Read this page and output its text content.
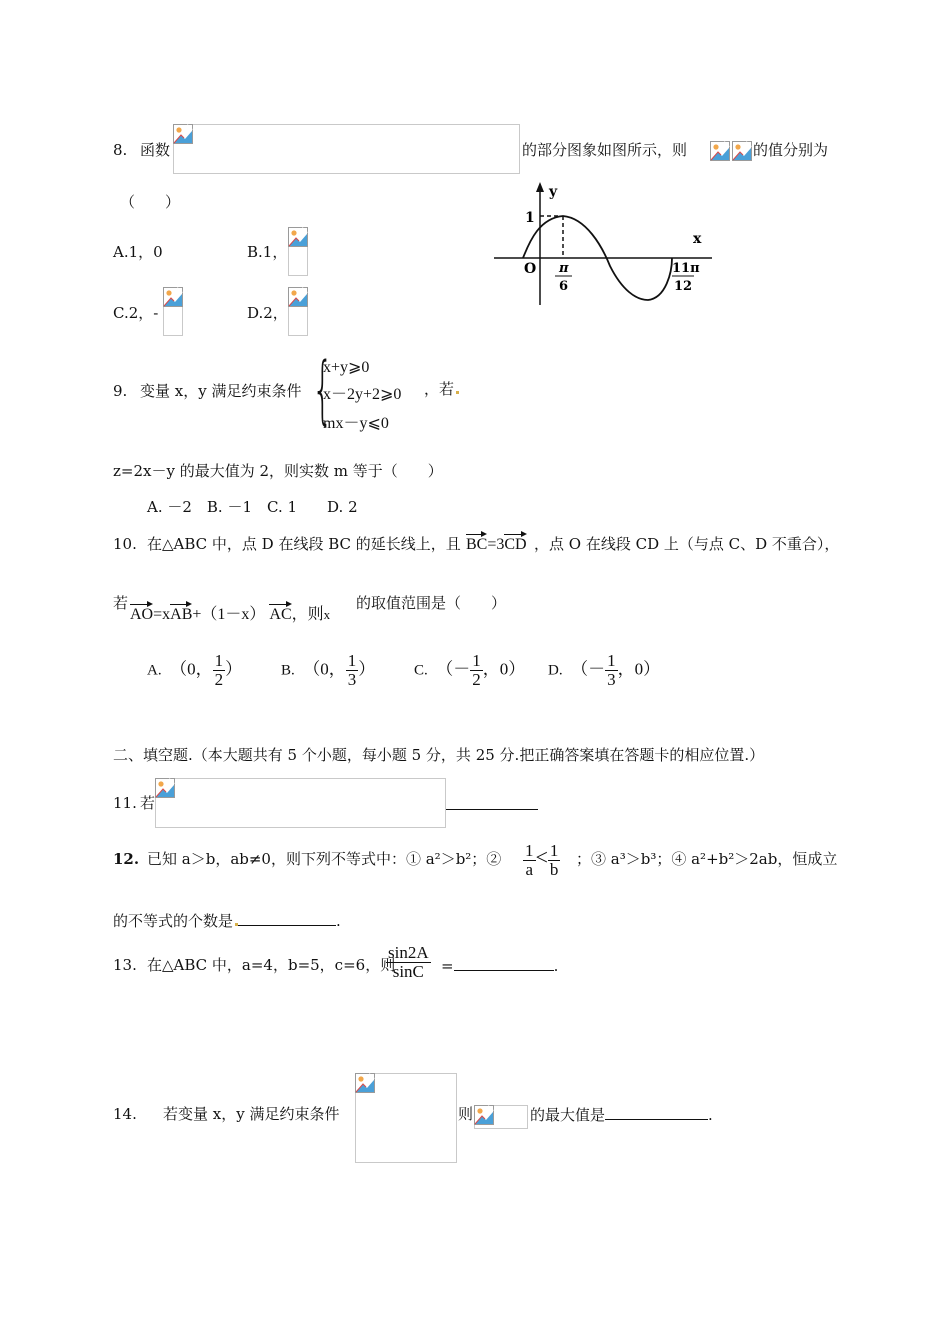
8. 函数	的部分图象如图所示，则	的值分别为
（　　）
A.1，0	B.1，
C.2，-	D.2，
y
x
O
1
π
6
11π
12
9. 变量 x，y 满足约束条件 {
x+y⩾0
x－2y+2⩾0
mx－y⩽0
，若
z=2x－y 的最大值为 2，则实数 m 等于（　　）
A. －2　B. －1　C. 1　　D. 2
10. 在△ABC 中，点 D 在线段 BC 的延长线上，且 BC=3CD ，点 O 在线段 CD 上（与点 C、D 不重合），
若
AO=xAB+（1－x） AC，则x
的取值范围是（　　）
A. （0， $\frac{1}{2}$ ）	B. （0， $\frac{1}{3}$ ）	C. （－ $\frac{1}{2}$ ，0） D. （－ $\frac{1}{3}$ ，0）
二、填空题.（本大题共有 5 个小题，每小题 5 分，共 25 分.把正确答案填在答题卡的相应位置.）
11. 若
12. 已知 a＞b，ab≠0，则下列不等式中：① a²＞b²；② $\frac{1}{a} < \frac{1}{b}$ ；③ a³＞b³；④ a²+b²＞2ab，恒成立
的不等式的个数是	.
13. 在△ABC 中，a=4，b=5，c=6，则
$\frac{\sin 2A}{\sin C}$ =	.
14. 若变量 x，y 满足约束条件	则	的最大值是	.
